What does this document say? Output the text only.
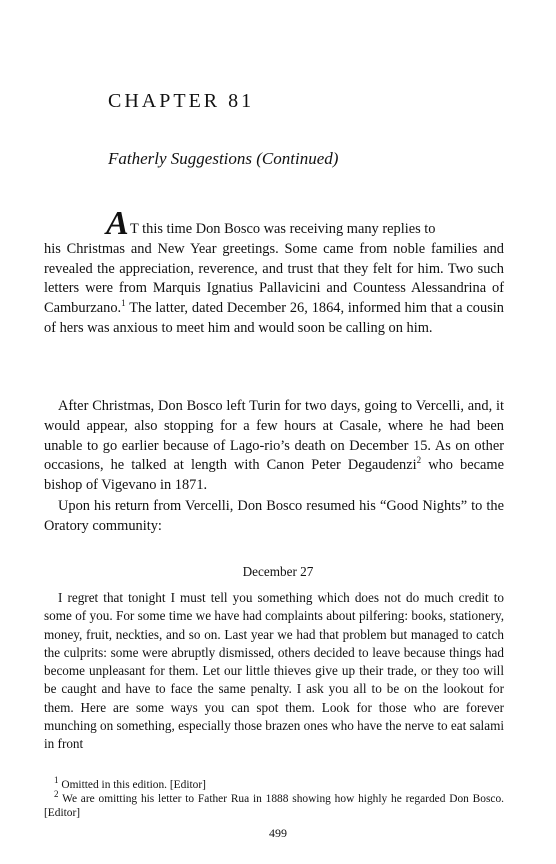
CHAPTER 81
Fatherly Suggestions (Continued)
A T this time Don Bosco was receiving many replies to
his Christmas and New Year greetings. Some came from noble families and revealed the appreciation, reverence, and trust that they felt for him. Two such letters were from Marquis Ignatius Pallavicini and Countess Alessandrina of Camburzano.$^1$ The latter, dated December 26, 1864, informed him that a cousin of hers was anxious to meet him and would soon be calling on him.

After Christmas, Don Bosco left Turin for two days, going to Vercelli, and, it would appear, also stopping for a few hours at Casale, where he had been unable to go earlier because of Lago-rio’s death on December 15. As on other occasions, he talked at length with Canon Peter Degaudenzi$^2$ who became bishop of Vigevano in 1871.

Upon his return from Vercelli, Don Bosco resumed his “Good Nights” to the Oratory community:

December 27

I regret that tonight I must tell you something which does not do much credit to some of you. For some time we have had complaints about pilfering: books, stationery, money, fruit, neckties, and so on. Last year we had that problem but managed to catch the culprits: some were abruptly dismissed, others decided to leave because things had become unpleasant for them. Let our little thieves give up their trade, or they too will be caught and have to face the same penalty. I ask you all to be on the lookout for them. Here are some ways you can spot them. Look for those who are forever munching on something, especially those brazen ones who have the nerve to eat salami in front

$^1$ Omitted in this edition. [Editor]

$^2$ We are omitting his letter to Father Rua in 1888 showing how highly he regarded Don Bosco. [Editor]

499
